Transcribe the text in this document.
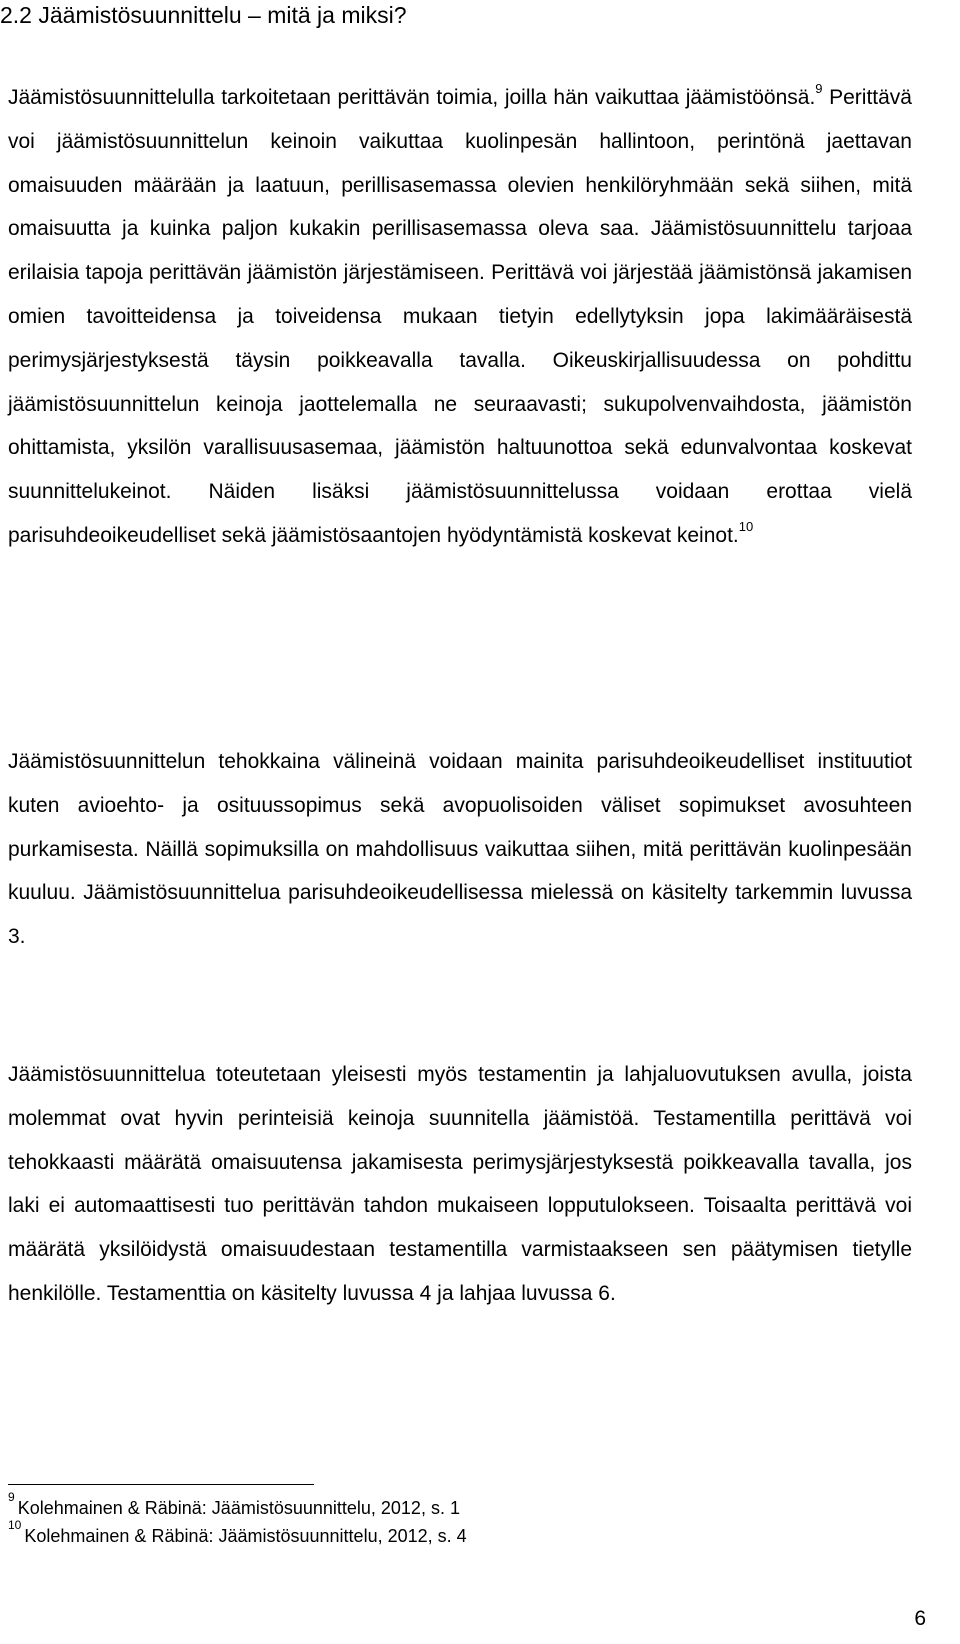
2.2 Jäämistösuunnittelu – mitä ja miksi?

Jäämistösuunnittelulla tarkoitetaan perittävän toimia, joilla hän vaikuttaa jäämistöönsä.$^9$ Perittävä voi jäämistösuunnittelun keinoin vaikuttaa kuolinpesän hallintoon, perintönä jaettavan omaisuuden määrään ja laatuun, perillisasemassa olevien henkilöryhmään sekä siihen, mitä omaisuutta ja kuinka paljon kukakin perillisasemassa oleva saa. Jäämistösuunnittelu tarjoaa erilaisia tapoja perittävän jäämistön järjestämiseen. Perittävä voi järjestää jäämistönsä jakamisen omien tavoitteidensa ja toiveidensa mukaan tietyin edellytyksin jopa lakimääräisestä perimysjärjestyksestä täysin poikkeavalla tavalla. Oikeuskirjallisuudessa on pohdittu jäämistösuunnittelun keinoja jaottelemalla ne seuraavasti; sukupolvenvaihdosta, jäämistön ohittamista, yksilön varallisuusasemaa, jäämistön haltuunottoa sekä edunvalvontaa koskevat suunnittelukeinot. Näiden lisäksi jäämistösuunnittelussa voidaan erottaa vielä parisuhdeoikeudelliset sekä jäämistösaantojen hyödyntämistä koskevat keinot.$^{10}$

Jäämistösuunnittelun tehokkaina välineinä voidaan mainita parisuhdeoikeudelliset instituutiot kuten avioehto- ja osituussopimus sekä avopuolisoiden väliset sopimukset avosuhteen purkamisesta. Näillä sopimuksilla on mahdollisuus vaikuttaa siihen, mitä perittävän kuolinpesään kuuluu. Jäämistösuunnittelua parisuhdeoikeudellisessa mielessä on käsitelty tarkemmin luvussa 3.

Jäämistösuunnittelua toteutetaan yleisesti myös testamentin ja lahjaluovutuksen avulla, joista molemmat ovat hyvin perinteisiä keinoja suunnitella jäämistöä. Testamentilla perittävä voi tehokkaasti määrätä omaisuutensa jakamisesta perimysjärjestyksestä poikkeavalla tavalla, jos laki ei automaattisesti tuo perittävän tahdon mukaiseen lopputulokseen. Toisaalta perittävä voi määrätä yksilöidystä omaisuudestaan testamentilla varmistaakseen sen päätymisen tietylle henkilölle. Testamenttia on käsitelty luvussa 4 ja lahjaa luvussa 6.

$^9$Kolehmainen & Räbinä: Jäämistösuunnittelu, 2012, s. 1
$^{10}$Kolehmainen & Räbinä: Jäämistösuunnittelu, 2012, s. 4
6
